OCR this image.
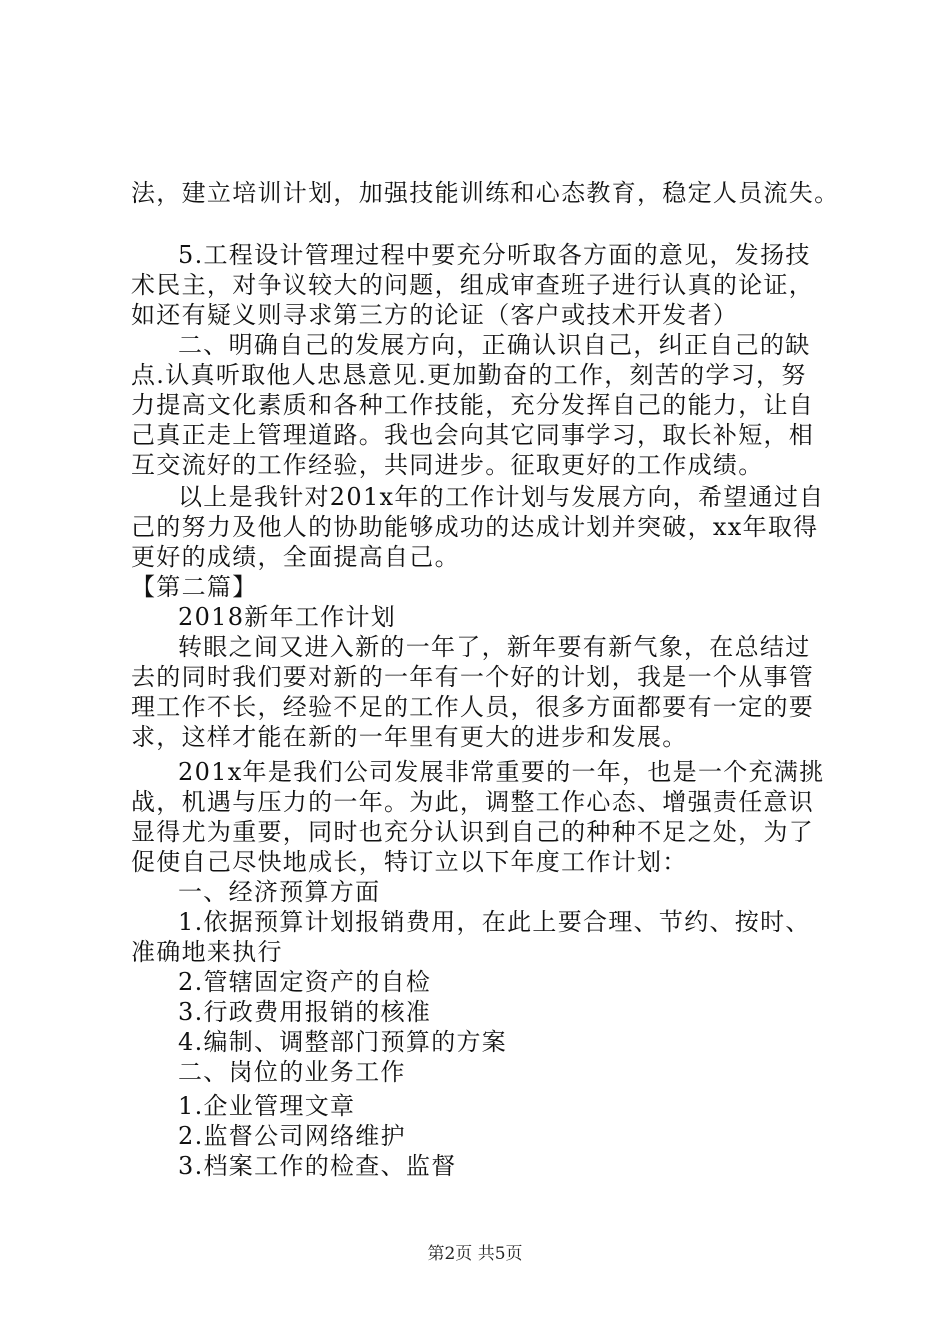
法，建立培训计划，加强技能训练和心态教育，稳定人员流失。
5.工程设计管理过程中要充分听取各方面的意见，发扬技
术民主，对争议较大的问题，组成审查班子进行认真的论证，
如还有疑义则寻求第三方的论证（客户或技术开发者）
二、明确自己的发展方向，正确认识自己，纠正自己的缺
点.认真听取他人忠恳意见.更加勤奋的工作，刻苦的学习，努
力提高文化素质和各种工作技能，充分发挥自己的能力，让自
己真正走上管理道路。我也会向其它同事学习，取长补短，相
互交流好的工作经验，共同进步。征取更好的工作成绩。
以上是我针对201x年的工作计划与发展方向，希望通过自
己的努力及他人的协助能够成功的达成计划并突破，xx年取得
更好的成绩，全面提高自己。
【第二篇】
2018新年工作计划
转眼之间又进入新的一年了，新年要有新气象，在总结过
去的同时我们要对新的一年有一个好的计划，我是一个从事管
理工作不长，经验不足的工作人员，很多方面都要有一定的要
求，这样才能在新的一年里有更大的进步和发展。
201x年是我们公司发展非常重要的一年，也是一个充满挑
战，机遇与压力的一年。为此，调整工作心态、增强责任意识
显得尤为重要，同时也充分认识到自己的种种不足之处，为了
促使自己尽快地成长，特订立以下年度工作计划：
一、经济预算方面
1.依据预算计划报销费用，在此上要合理、节约、按时、
准确地来执行
2.管辖固定资产的自检
3.行政费用报销的核准
4.编制、调整部门预算的方案
二、岗位的业务工作
1.企业管理文章
2.监督公司网络维护
3.档案工作的检查、监督
第2页 共5页
